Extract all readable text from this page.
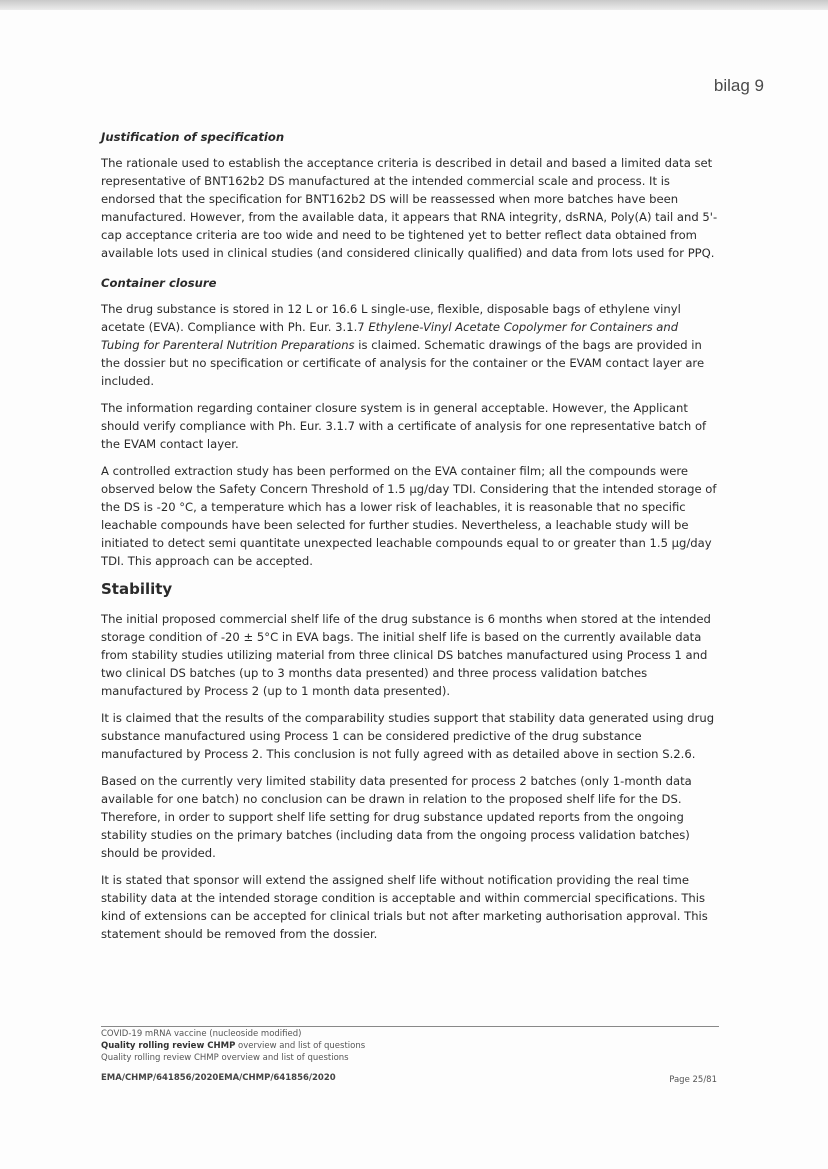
bilag 9
Justification of specification

The rationale used to establish the acceptance criteria is described in detail and based a limited data set representative of BNT162b2 DS manufactured at the intended commercial scale and process. It is endorsed that the specification for BNT162b2 DS will be reassessed when more batches have been manufactured. However, from the available data, it appears that RNA integrity, dsRNA, Poly(A) tail and 5'-cap acceptance criteria are too wide and need to be tightened yet to better reflect data obtained from available lots used in clinical studies (and considered clinically qualified) and data from lots used for PPQ.

Container closure

The drug substance is stored in 12 L or 16.6 L single-use, flexible, disposable bags of ethylene vinyl acetate (EVA). Compliance with Ph. Eur. 3.1.7 Ethylene-Vinyl Acetate Copolymer for Containers and Tubing for Parenteral Nutrition Preparations is claimed. Schematic drawings of the bags are provided in the dossier but no specification or certificate of analysis for the container or the EVAM contact layer are included.

The information regarding container closure system is in general acceptable. However, the Applicant should verify compliance with Ph. Eur. 3.1.7 with a certificate of analysis for one representative batch of the EVAM contact layer.

A controlled extraction study has been performed on the EVA container film; all the compounds were observed below the Safety Concern Threshold of 1.5 µg/day TDI. Considering that the intended storage of the DS is -20 °C, a temperature which has a lower risk of leachables, it is reasonable that no specific leachable compounds have been selected for further studies. Nevertheless, a leachable study will be initiated to detect semi quantitate unexpected leachable compounds equal to or greater than 1.5 µg/day TDI. This approach can be accepted.

Stability

The initial proposed commercial shelf life of the drug substance is 6 months when stored at the intended storage condition of -20 ± 5°C in EVA bags. The initial shelf life is based on the currently available data from stability studies utilizing material from three clinical DS batches manufactured using Process 1 and two clinical DS batches (up to 3 months data presented) and three process validation batches manufactured by Process 2 (up to 1 month data presented).

It is claimed that the results of the comparability studies support that stability data generated using drug substance manufactured using Process 1 can be considered predictive of the drug substance manufactured by Process 2. This conclusion is not fully agreed with as detailed above in section S.2.6.

Based on the currently very limited stability data presented for process 2 batches (only 1-month data available for one batch) no conclusion can be drawn in relation to the proposed shelf life for the DS. Therefore, in order to support shelf life setting for drug substance updated reports from the ongoing stability studies on the primary batches (including data from the ongoing process validation batches) should be provided.

It is stated that sponsor will extend the assigned shelf life without notification providing the real time stability data at the intended storage condition is acceptable and within commercial specifications. This kind of extensions can be accepted for clinical trials but not after marketing authorisation approval. This statement should be removed from the dossier.

COVID-19 mRNA vaccine (nucleoside modified)
Quality rolling review CHMP overview and list of questions
Quality rolling review CHMP overview and list of questions
EMA/CHMP/641856/2020EMA/CHMP/641856/2020	Page 25/81
